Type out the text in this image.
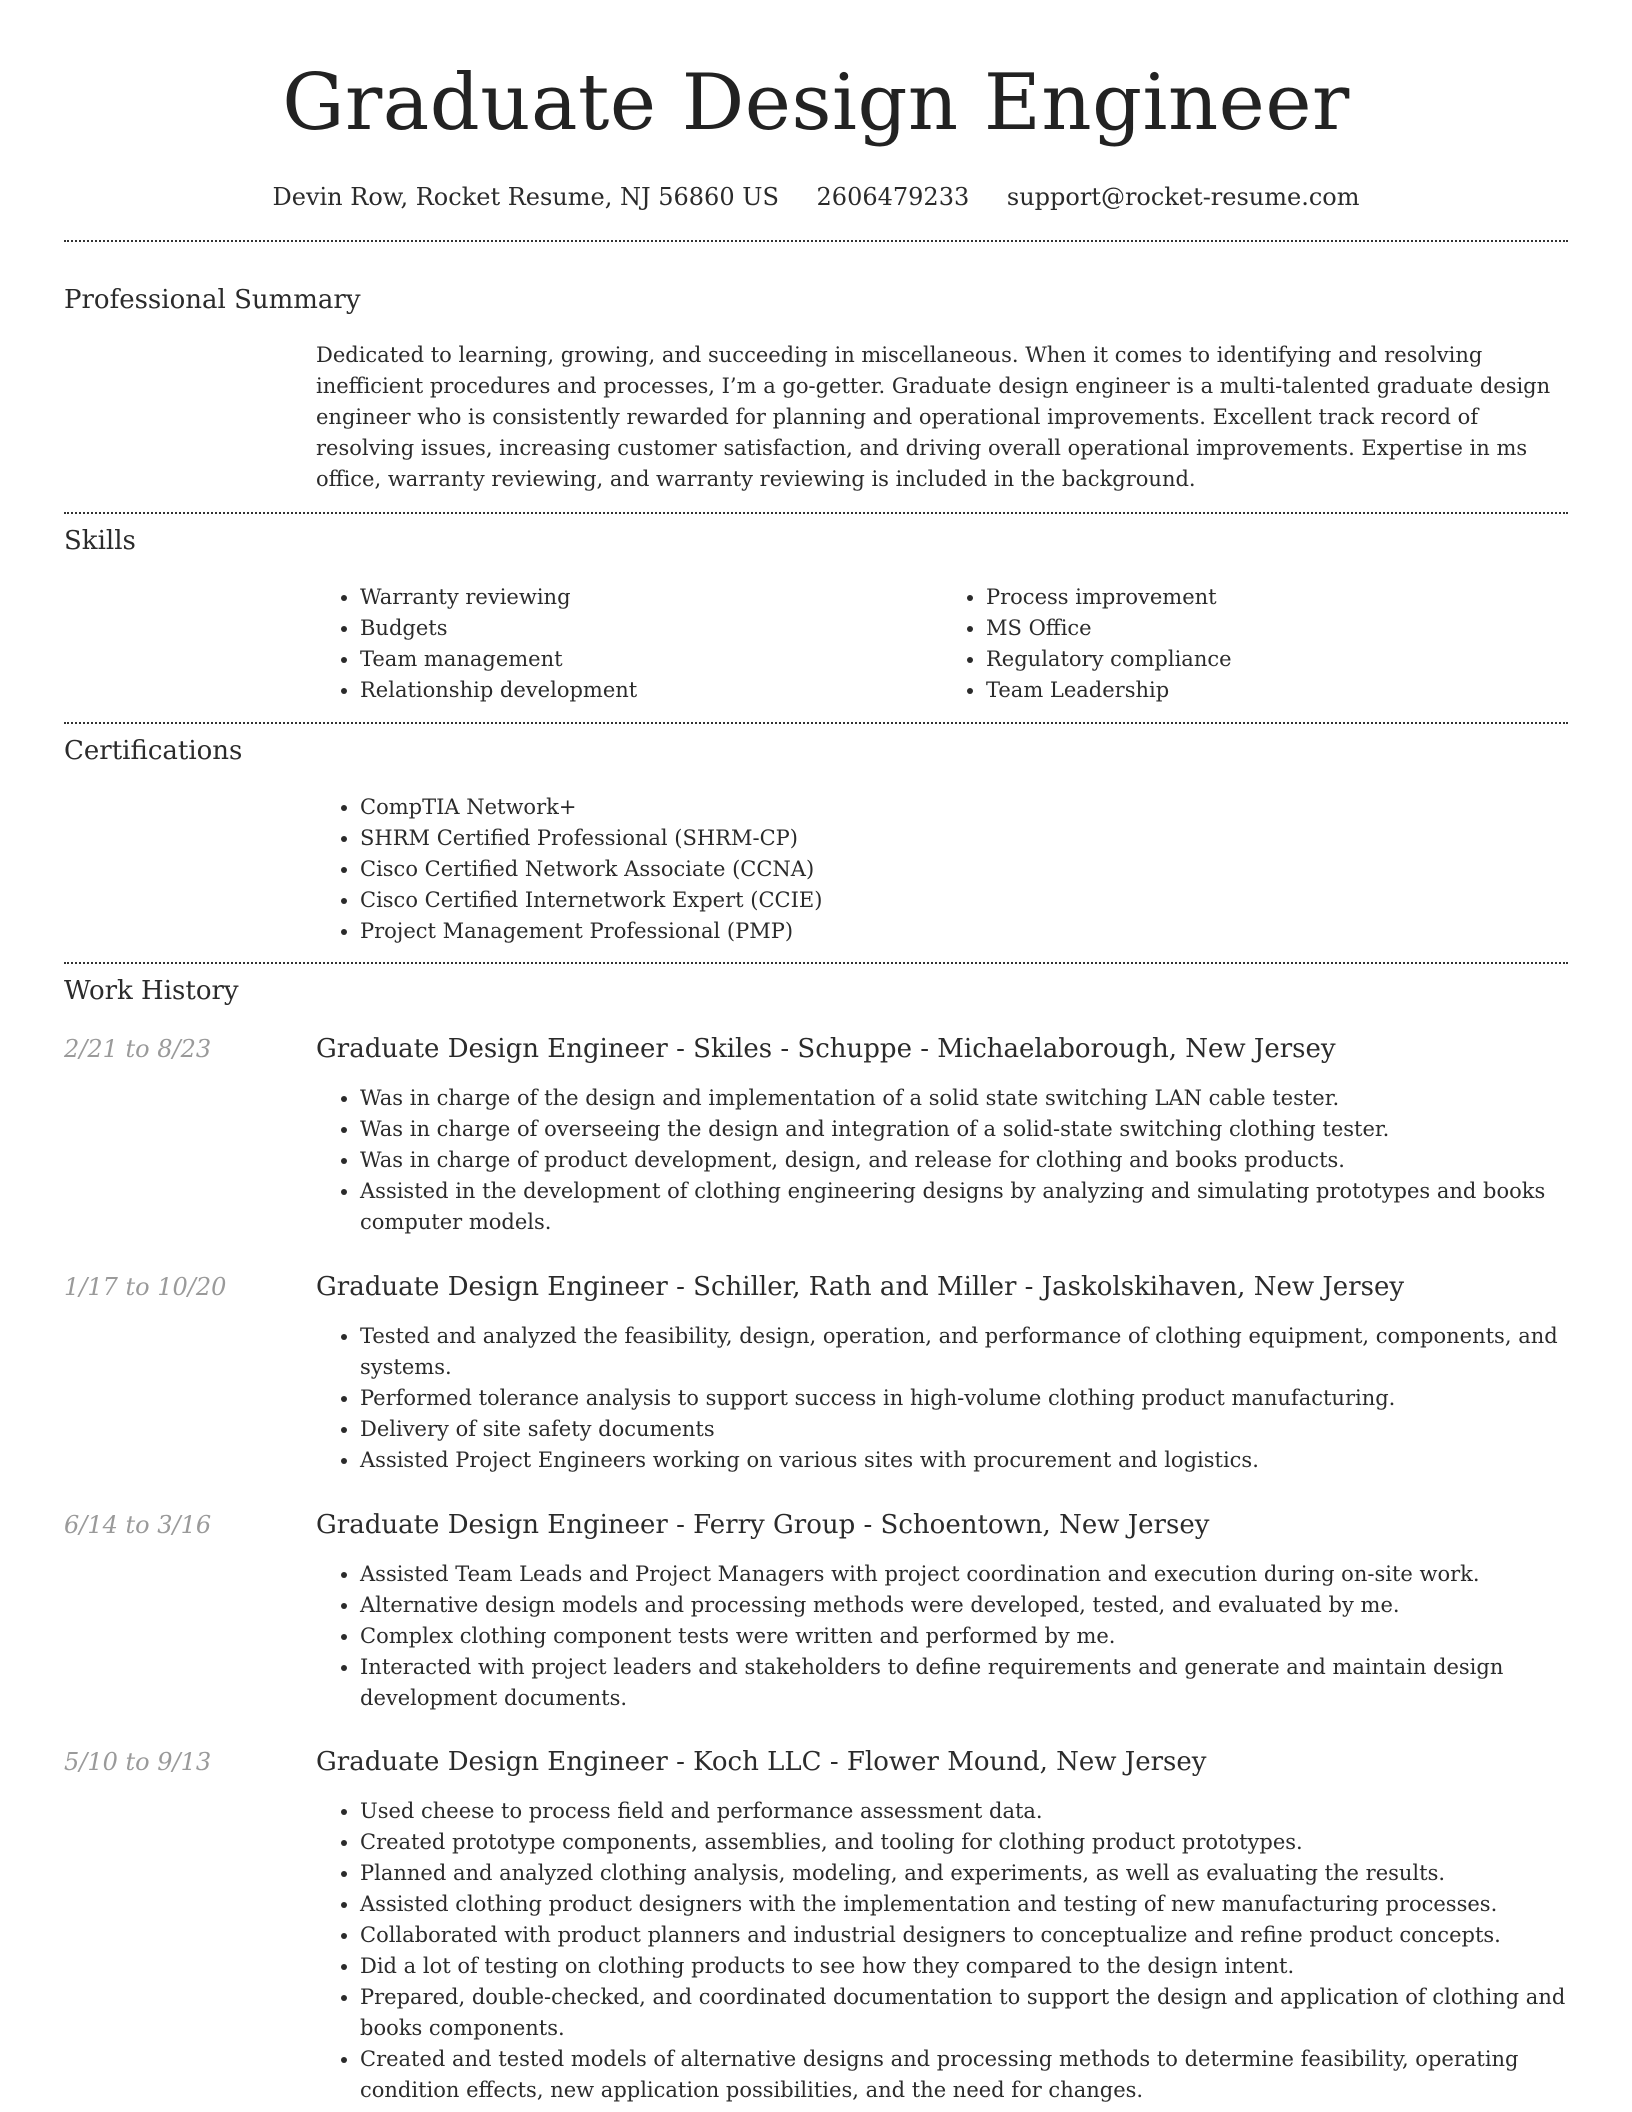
Graduate Design Engineer
Devin Row, Rocket Resume, NJ 56860 US 2606479233 support@rocket-resume.com
Professional Summary
Dedicated to learning, growing, and succeeding in miscellaneous. When it comes to identifying and resolving inefficient procedures and processes, I’m a go-getter. Graduate design engineer is a multi-talented graduate design engineer who is consistently rewarded for planning and operational improvements. Excellent track record of resolving issues, increasing customer satisfaction, and driving overall operational improvements. Expertise in ms office, warranty reviewing, and warranty reviewing is included in the background.
Skills
• Warranty reviewing
• Budgets
• Team management
• Relationship development
• Process improvement
• MS Office
• Regulatory compliance
• Team Leadership
Certifications
• CompTIA Network+
• SHRM Certified Professional (SHRM-CP)
• Cisco Certified Network Associate (CCNA)
• Cisco Certified Internetwork Expert (CCIE)
• Project Management Professional (PMP)
Work History
2/21 to 8/23	Graduate Design Engineer - Skiles - Schuppe - Michaelaborough, New Jersey
• Was in charge of the design and implementation of a solid state switching LAN cable tester.
• Was in charge of overseeing the design and integration of a solid-state switching clothing tester.
• Was in charge of product development, design, and release for clothing and books products.
• Assisted in the development of clothing engineering designs by analyzing and simulating prototypes and books computer models.
1/17 to 10/20	Graduate Design Engineer - Schiller, Rath and Miller - Jaskolskihaven, New Jersey
• Tested and analyzed the feasibility, design, operation, and performance of clothing equipment, components, and systems.
• Performed tolerance analysis to support success in high-volume clothing product manufacturing.
• Delivery of site safety documents
• Assisted Project Engineers working on various sites with procurement and logistics.
6/14 to 3/16	Graduate Design Engineer - Ferry Group - Schoentown, New Jersey
• Assisted Team Leads and Project Managers with project coordination and execution during on-site work.
• Alternative design models and processing methods were developed, tested, and evaluated by me.
• Complex clothing component tests were written and performed by me.
• Interacted with project leaders and stakeholders to define requirements and generate and maintain design development documents.
5/10 to 9/13	Graduate Design Engineer - Koch LLC - Flower Mound, New Jersey
• Used cheese to process field and performance assessment data.
• Created prototype components, assemblies, and tooling for clothing product prototypes.
• Planned and analyzed clothing analysis, modeling, and experiments, as well as evaluating the results.
• Assisted clothing product designers with the implementation and testing of new manufacturing processes.
• Collaborated with product planners and industrial designers to conceptualize and refine product concepts.
• Did a lot of testing on clothing products to see how they compared to the design intent.
• Prepared, double-checked, and coordinated documentation to support the design and application of clothing and books components.
• Created and tested models of alternative designs and processing methods to determine feasibility, operating condition effects, new application possibilities, and the need for changes.
